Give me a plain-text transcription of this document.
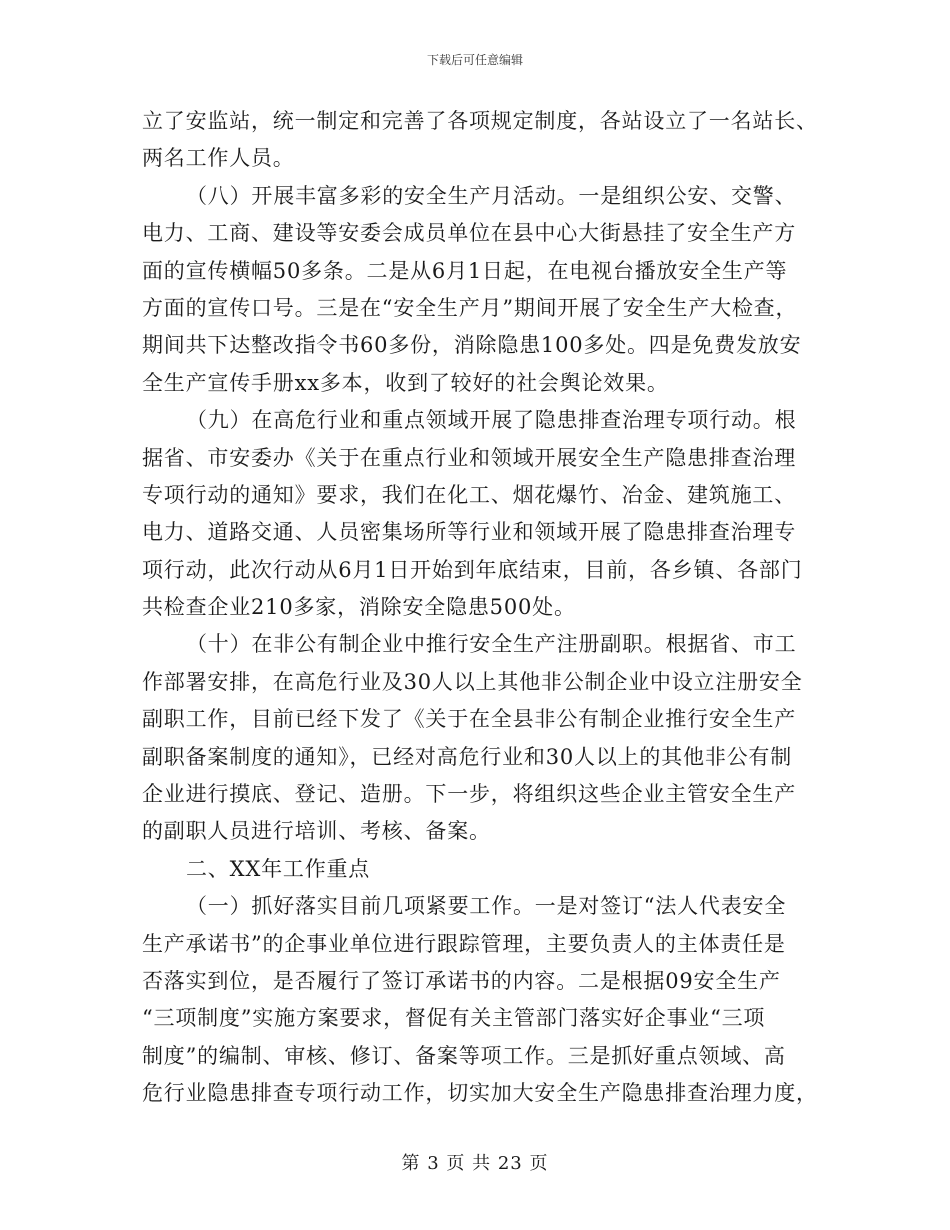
下载后可任意编辑
立了安监站，统一制定和完善了各项规定制度，各站设立了一名站长、
两名工作人员。
（八）开展丰富多彩的安全生产月活动。一是组织公安、交警、
电力、工商、建设等安委会成员单位在县中心大街悬挂了安全生产方
面的宣传横幅50多条。二是从6月1日起，在电视台播放安全生产等
方面的宣传口号。三是在“安全生产月”期间开展了安全生产大检查，
期间共下达整改指令书60多份，消除隐患100多处。四是免费发放安
全生产宣传手册xx多本，收到了较好的社会舆论效果。
（九）在高危行业和重点领域开展了隐患排查治理专项行动。根
据省、市安委办《关于在重点行业和领域开展安全生产隐患排查治理
专项行动的通知》要求，我们在化工、烟花爆竹、冶金、建筑施工、
电力、道路交通、人员密集场所等行业和领域开展了隐患排查治理专
项行动，此次行动从6月1日开始到年底结束，目前，各乡镇、各部门
共检查企业210多家，消除安全隐患500处。
（十）在非公有制企业中推行安全生产注册副职。根据省、市工
作部署安排，在高危行业及30人以上其他非公制企业中设立注册安全
副职工作，目前已经下发了《关于在全县非公有制企业推行安全生产
副职备案制度的通知》，已经对高危行业和30人以上的其他非公有制
企业进行摸底、登记、造册。下一步，将组织这些企业主管安全生产
的副职人员进行培训、考核、备案。
二、XX年工作重点
（一）抓好落实目前几项紧要工作。一是对签订“法人代表安全
生产承诺书”的企事业单位进行跟踪管理，主要负责人的主体责任是
否落实到位，是否履行了签订承诺书的内容。二是根据09安全生产
“三项制度”实施方案要求，督促有关主管部门落实好企事业“三项
制度”的编制、审核、修订、备案等项工作。三是抓好重点领域、高
危行业隐患排查专项行动工作，切实加大安全生产隐患排查治理力度，
第 3 页 共 23 页
